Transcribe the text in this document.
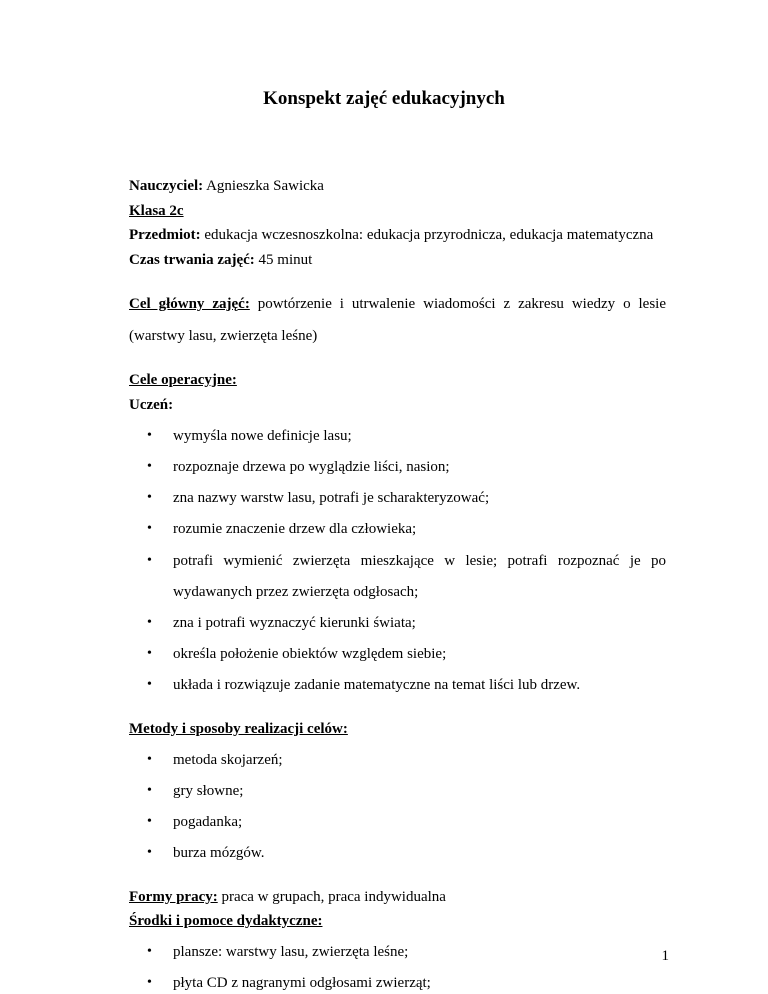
Konspekt zajęć edukacyjnych
Nauczyciel: Agnieszka Sawicka
Klasa 2c
Przedmiot: edukacja wczesnoszkolna: edukacja przyrodnicza, edukacja matematyczna
Czas trwania zajęć: 45 minut
Cel główny zajęć: powtórzenie i utrwalenie wiadomości z zakresu wiedzy o lesie
(warstwy lasu, zwierzęta leśne)
Cele operacyjne:
Uczeń:
• wymyśla nowe definicje lasu;
• rozpoznaje drzewa po wyglądzie liści, nasion;
• zna nazwy warstw lasu, potrafi je scharakteryzować;
• rozumie znaczenie drzew dla człowieka;
• potrafi wymienić zwierzęta mieszkające w lesie; potrafi rozpoznać je po
wydawanych przez zwierzęta odgłosach;
• zna i potrafi wyznaczyć kierunki świata;
• określa położenie obiektów względem siebie;
• układa i rozwiązuje zadanie matematyczne na temat liści lub drzew.
Metody i sposoby realizacji celów:
• metoda skojarzeń;
• gry słowne;
• pogadanka;
• burza mózgów.
Formy pracy: praca w grupach, praca indywidualna
Środki i pomoce dydaktyczne:
• plansze: warstwy lasu, zwierzęta leśne;
• płyta CD z nagranymi odgłosami zwierząt;
1
